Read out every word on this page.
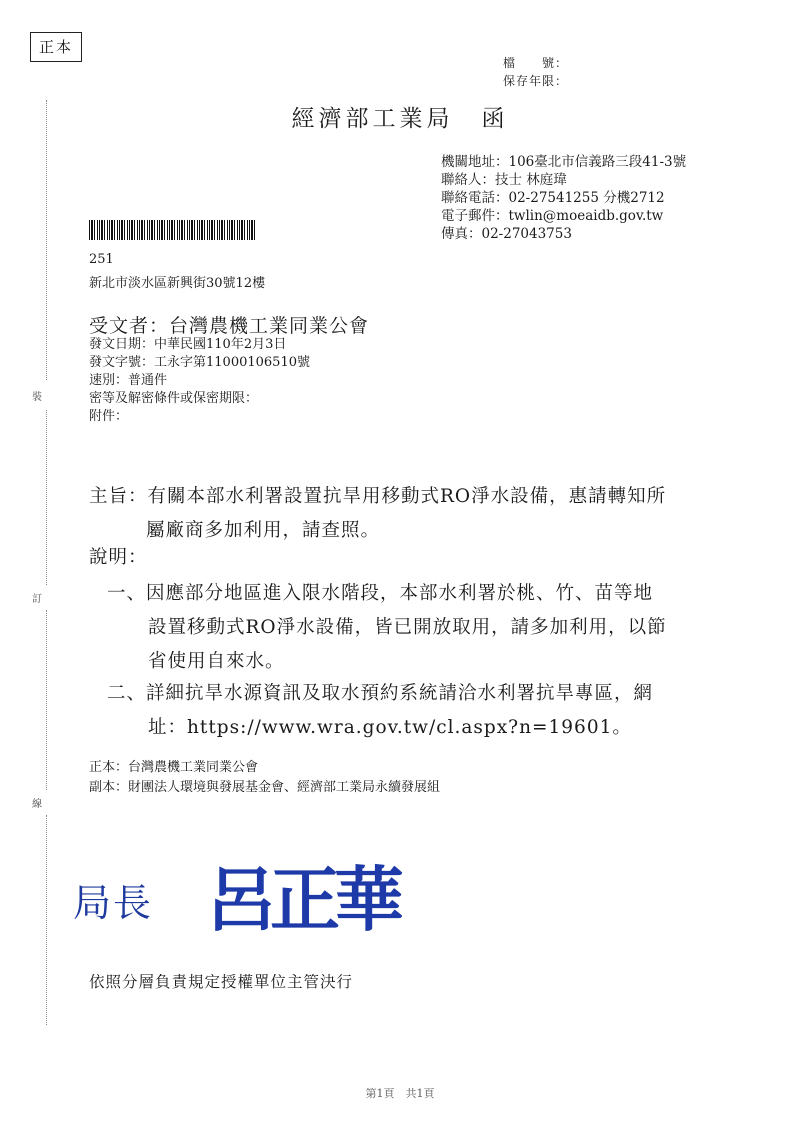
裝
訂
線
正本
檔　　號：
保存年限：
經濟部工業局 函
機關地址：106臺北市信義路三段41-3號
聯絡人：技士 林庭瑋
聯絡電話：02-27541255 分機2712
電子郵件：twlin@moeaidb.gov.tw
傳真：02-27043753
251
新北市淡水區新興街30號12樓
受文者：台灣農機工業同業公會
發文日期：中華民國110年2月3日
發文字號：工永字第11000106510號
速別：普通件
密等及解密條件或保密期限：
附件：
主旨：有關本部水利署設置抗旱用移動式RO淨水設備，惠請轉知所
屬廠商多加利用，請查照。
說明：
一、因應部分地區進入限水階段，本部水利署於桃、竹、苗等地
設置移動式RO淨水設備，皆已開放取用，請多加利用，以節
省使用自來水。
二、詳細抗旱水源資訊及取水預約系統請洽水利署抗旱專區，網
址：https://www.wra.gov.tw/cl.aspx?n=19601。
正本：台灣農機工業同業公會
副本：財團法人環境與發展基金會、經濟部工業局永續發展組
局長 呂正華
依照分層負責規定授權單位主管決行
第1頁　共1頁
